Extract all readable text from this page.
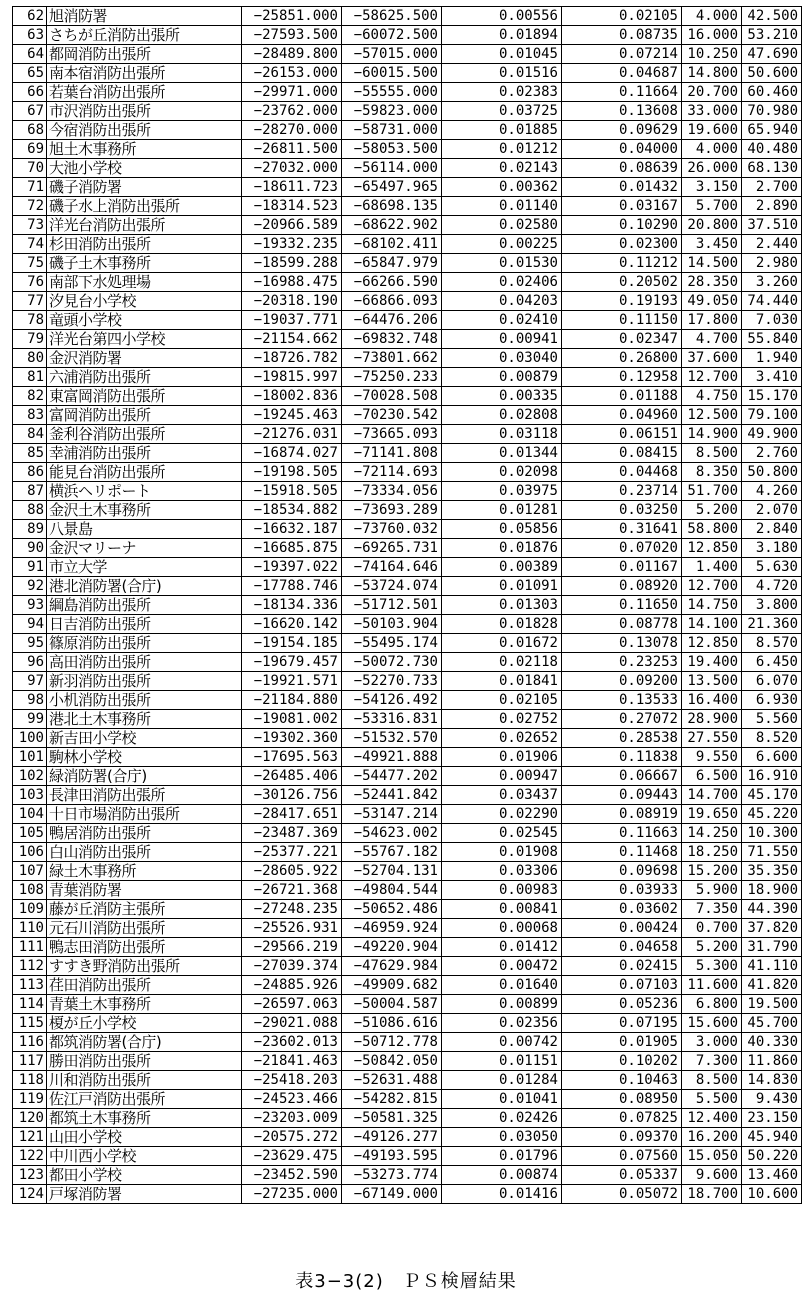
62	旭消防署	−25851.000	−58625.500	0.00556	0.02105	4.000	42.500
63	さちが丘消防出張所	−27593.500	−60072.500	0.01894	0.08735	16.000	53.210
64	都岡消防出張所	−28489.800	−57015.000	0.01045	0.07214	10.250	47.690
65	南本宿消防出張所	−26153.000	−60015.500	0.01516	0.04687	14.800	50.600
66	若葉台消防出張所	−29971.000	−55555.000	0.02383	0.11664	20.700	60.460
67	市沢消防出張所	−23762.000	−59823.000	0.03725	0.13608	33.000	70.980
68	今宿消防出張所	−28270.000	−58731.000	0.01885	0.09629	19.600	65.940
69	旭土木事務所	−26811.500	−58053.500	0.01212	0.04000	4.000	40.480
70	大池小学校	−27032.000	−56114.000	0.02143	0.08639	26.000	68.130
71	磯子消防署	−18611.723	−65497.965	0.00362	0.01432	3.150	2.700
72	磯子水上消防出張所	−18314.523	−68698.135	0.01140	0.03167	5.700	2.890
73	洋光台消防出張所	−20966.589	−68622.902	0.02580	0.10290	20.800	37.510
74	杉田消防出張所	−19332.235	−68102.411	0.00225	0.02300	3.450	2.440
75	磯子土木事務所	−18599.288	−65847.979	0.01530	0.11212	14.500	2.980
76	南部下水処理場	−16988.475	−66266.590	0.02406	0.20502	28.350	3.260
77	汐見台小学校	−20318.190	−66866.093	0.04203	0.19193	49.050	74.440
78	竜頭小学校	−19037.771	−64476.206	0.02410	0.11150	17.800	7.030
79	洋光台第四小学校	−21154.662	−69832.748	0.00941	0.02347	4.700	55.840
80	金沢消防署	−18726.782	−73801.662	0.03040	0.26800	37.600	1.940
81	六浦消防出張所	−19815.997	−75250.233	0.00879	0.12958	12.700	3.410
82	東富岡消防出張所	−18002.836	−70028.508	0.00335	0.01188	4.750	15.170
83	富岡消防出張所	−19245.463	−70230.542	0.02808	0.04960	12.500	79.100
84	釜利谷消防出張所	−21276.031	−73665.093	0.03118	0.06151	14.900	49.900
85	幸浦消防出張所	−16874.027	−71141.808	0.01344	0.08415	8.500	2.760
86	能見台消防出張所	−19198.505	−72114.693	0.02098	0.04468	8.350	50.800
87	横浜ヘリポート	−15918.505	−73334.056	0.03975	0.23714	51.700	4.260
88	金沢土木事務所	−18534.882	−73693.289	0.01281	0.03250	5.200	2.070
89	八景島	−16632.187	−73760.032	0.05856	0.31641	58.800	2.840
90	金沢マリーナ	−16685.875	−69265.731	0.01876	0.07020	12.850	3.180
91	市立大学	−19397.022	−74164.646	0.00389	0.01167	1.400	5.630
92	港北消防署(合庁)	−17788.746	−53724.074	0.01091	0.08920	12.700	4.720
93	綱島消防出張所	−18134.336	−51712.501	0.01303	0.11650	14.750	3.800
94	日吉消防出張所	−16620.142	−50103.904	0.01828	0.08778	14.100	21.360
95	篠原消防出張所	−19154.185	−55495.174	0.01672	0.13078	12.850	8.570
96	高田消防出張所	−19679.457	−50072.730	0.02118	0.23253	19.400	6.450
97	新羽消防出張所	−19921.571	−52270.733	0.01841	0.09200	13.500	6.070
98	小机消防出張所	−21184.880	−54126.492	0.02105	0.13533	16.400	6.930
99	港北土木事務所	−19081.002	−53316.831	0.02752	0.27072	28.900	5.560
100	新吉田小学校	−19302.360	−51532.570	0.02652	0.28538	27.550	8.520
101	駒林小学校	−17695.563	−49921.888	0.01906	0.11838	9.550	6.600
102	緑消防署(合庁)	−26485.406	−54477.202	0.00947	0.06667	6.500	16.910
103	長津田消防出張所	−30126.756	−52441.842	0.03437	0.09443	14.700	45.170
104	十日市場消防出張所	−28417.651	−53147.214	0.02290	0.08919	19.650	45.220
105	鴨居消防出張所	−23487.369	−54623.002	0.02545	0.11663	14.250	10.300
106	白山消防出張所	−25377.221	−55767.182	0.01908	0.11468	18.250	71.550
107	緑土木事務所	−28605.922	−52704.131	0.03306	0.09698	15.200	35.350
108	青葉消防署	−26721.368	−49804.544	0.00983	0.03933	5.900	18.900
109	藤が丘消防主張所	−27248.235	−50652.486	0.00841	0.03602	7.350	44.390
110	元石川消防出張所	−25526.931	−46959.924	0.00068	0.00424	0.700	37.820
111	鴨志田消防出張所	−29566.219	−49220.904	0.01412	0.04658	5.200	31.790
112	すすき野消防出張所	−27039.374	−47629.984	0.00472	0.02415	5.300	41.110
113	荏田消防出張所	−24885.926	−49909.682	0.01640	0.07103	11.600	41.820
114	青葉土木事務所	−26597.063	−50004.587	0.00899	0.05236	6.800	19.500
115	榎が丘小学校	−29021.088	−51086.616	0.02356	0.07195	15.600	45.700
116	都筑消防署(合庁)	−23602.013	−50712.778	0.00742	0.01905	3.000	40.330
117	勝田消防出張所	−21841.463	−50842.050	0.01151	0.10202	7.300	11.860
118	川和消防出張所	−25418.203	−52631.488	0.01284	0.10463	8.500	14.830
119	佐江戸消防出張所	−24523.466	−54282.815	0.01041	0.08950	5.500	9.430
120	都筑土木事務所	−23203.009	−50581.325	0.02426	0.07825	12.400	23.150
121	山田小学校	−20575.272	−49126.277	0.03050	0.09370	16.200	45.940
122	中川西小学校	−23629.475	−49193.595	0.01796	0.07560	15.050	50.220
123	都田小学校	−23452.590	−53273.774	0.00874	0.05337	9.600	13.460
124	戸塚消防署	−27235.000	−67149.000	0.01416	0.05072	18.700	10.600
表3−3(2)　ＰＳ検層結果
